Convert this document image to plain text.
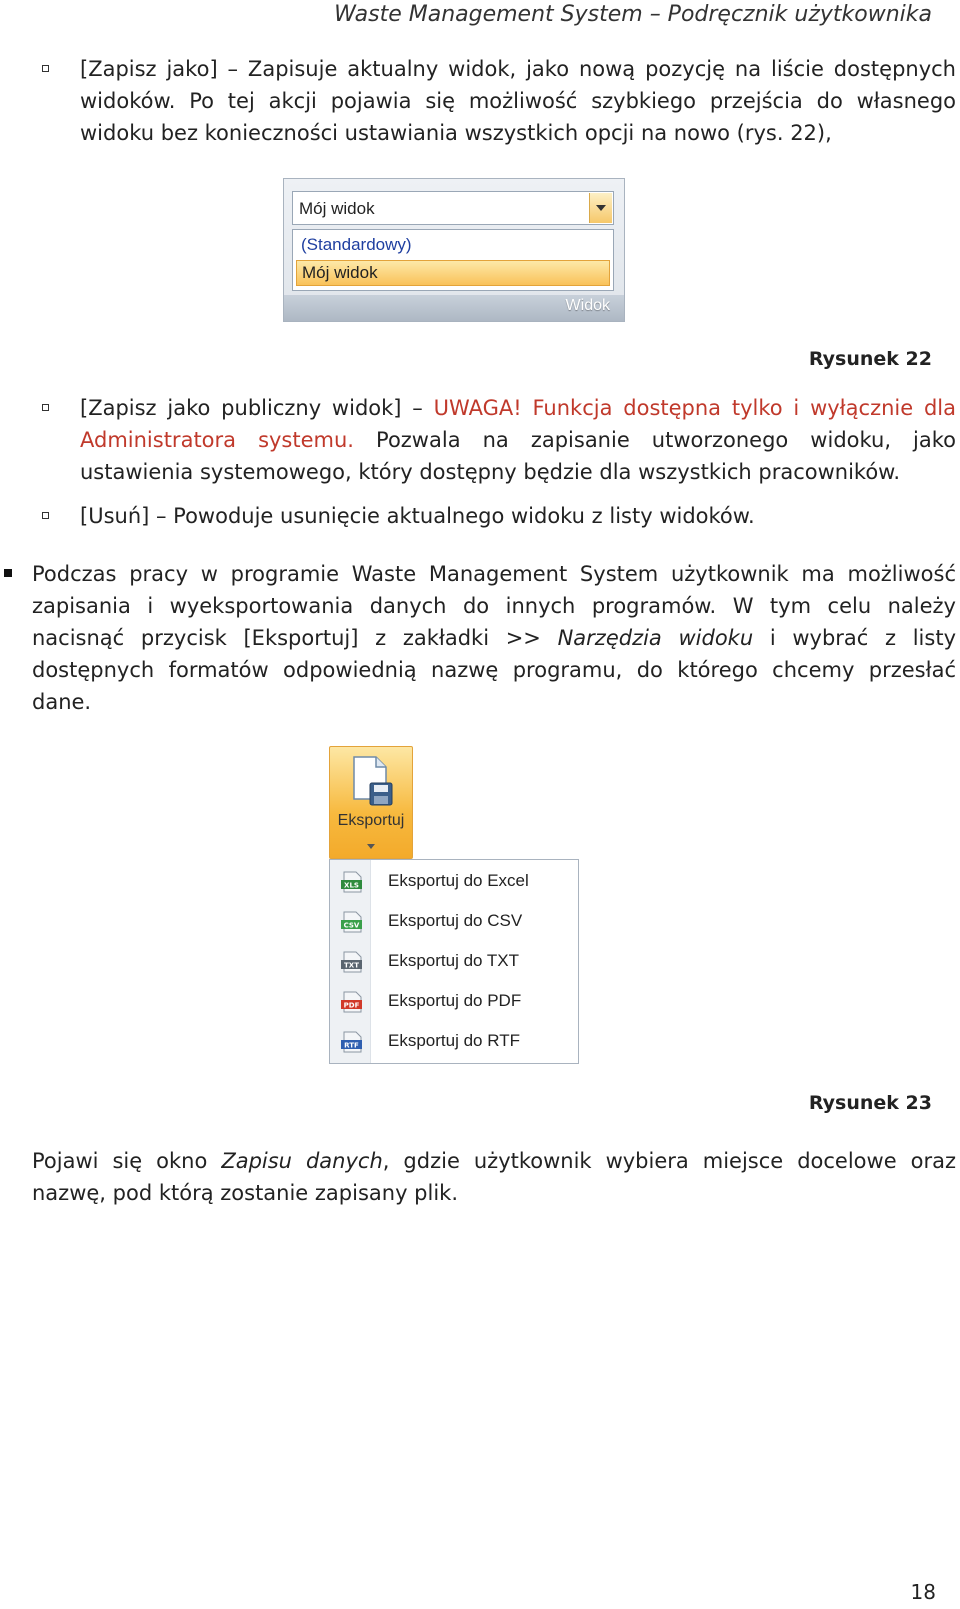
Waste Management System – Podręcznik użytkownika
[Zapisz jako] – Zapisuje aktualny widok, jako nową pozycję na liście dostępnych widoków. Po tej akcji pojawia się możliwość szybkiego przejścia do własnego widoku bez konieczności ustawiania wszystkich opcji na nowo (rys. 22),
Mój widok
(Standardowy)
Mój widok
Widok
Rysunek 22
[Zapisz jako publiczny widok] – UWAGA! Funkcja dostępna tylko i wyłącznie dla Administratora systemu. Pozwala na zapisanie utworzonego widoku, jako ustawienia systemowego, który dostępny będzie dla wszystkich pracowników.
[Usuń] – Powoduje usunięcie aktualnego widoku z listy widoków.
Podczas pracy w programie Waste Management System użytkownik ma możliwość zapisania i wyeksportowania danych do innych programów. W tym celu należy nacisnąć przycisk [Eksportuj] z zakładki >> Narzędzia widoku i wybrać z listy dostępnych formatów odpowiednią nazwę programu, do którego chcemy przesłać dane.
Eksportuj
XLS Eksportuj do Excel
CSV Eksportuj do CSV
TXT Eksportuj do TXT
PDF Eksportuj do PDF
RTF Eksportuj do RTF
Rysunek 23
Pojawi się okno Zapisu danych, gdzie użytkownik wybiera miejsce docelowe oraz nazwę, pod którą zostanie zapisany plik.
18
